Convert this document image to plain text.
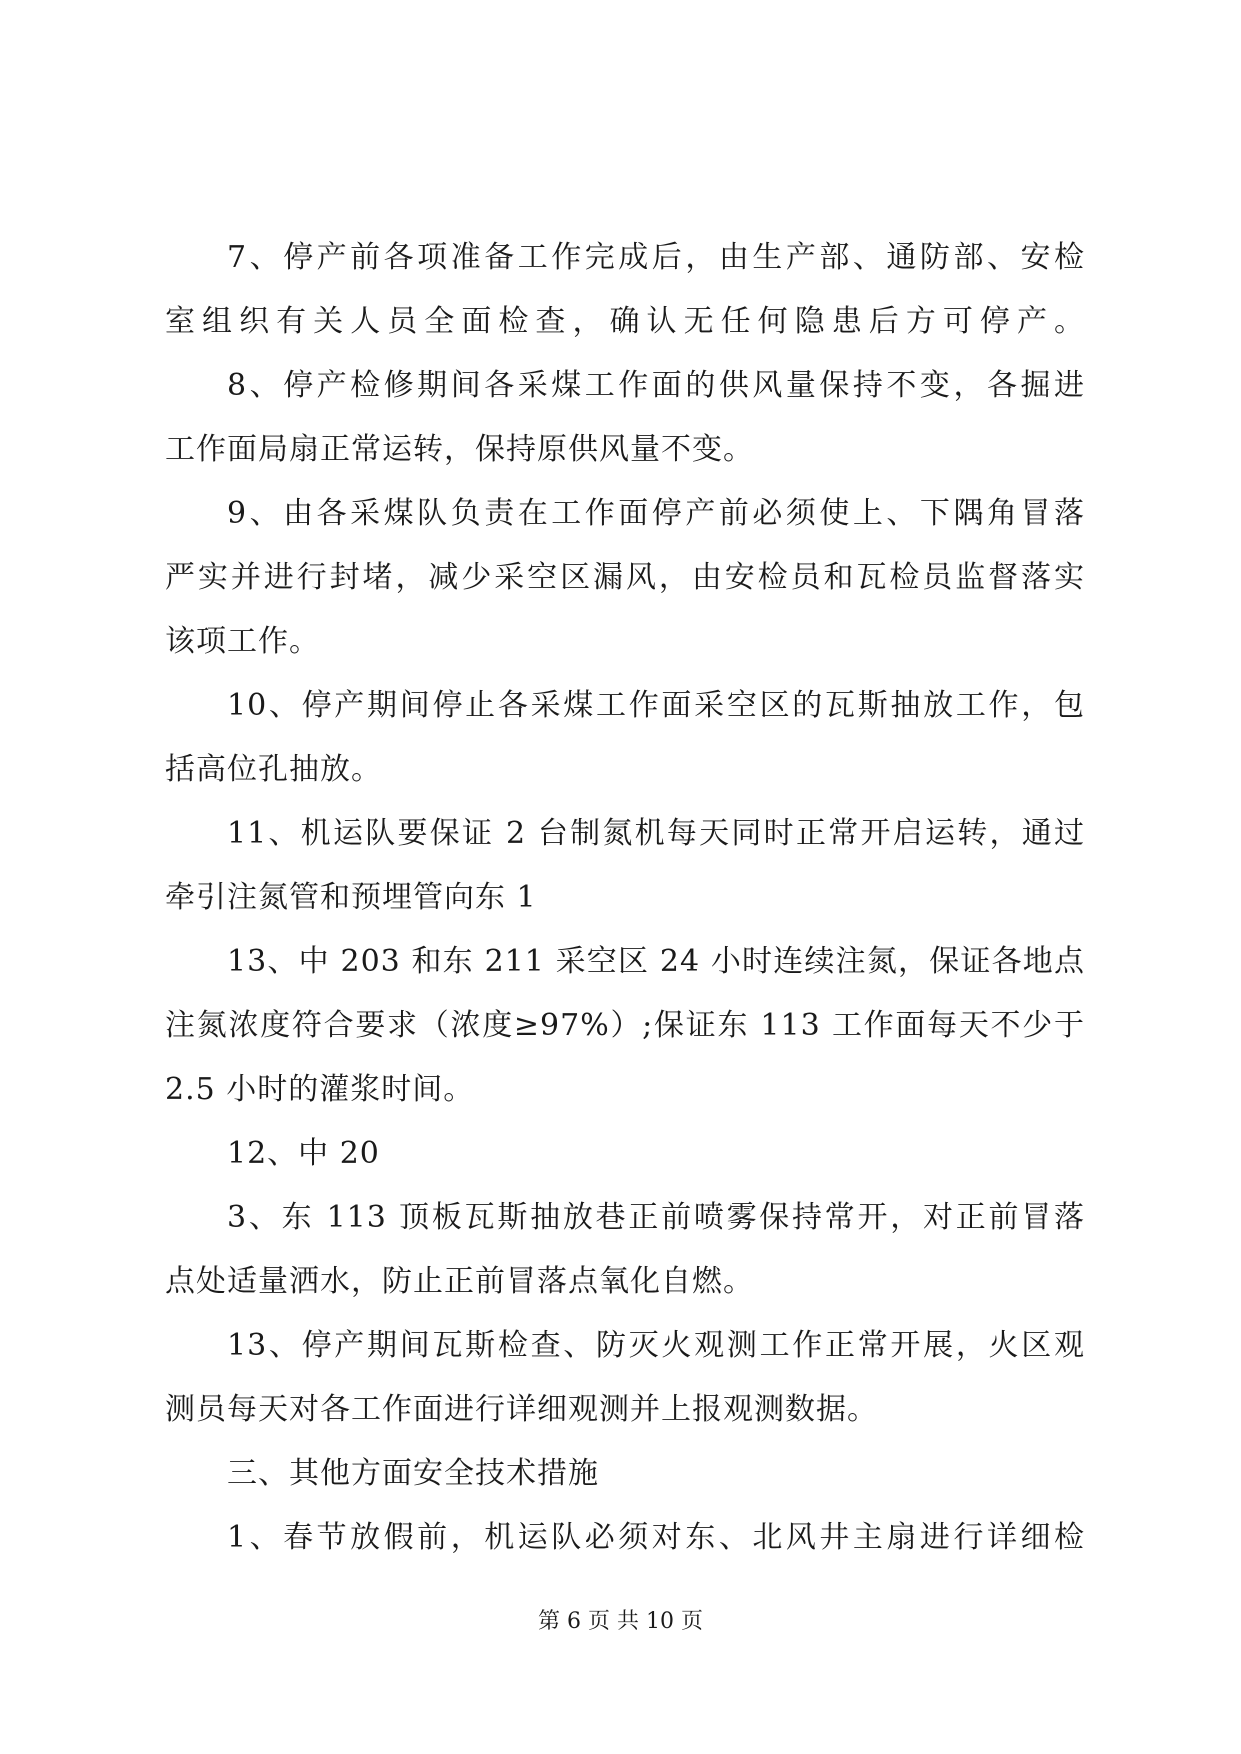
7、停产前各项准备工作完成后，由生产部、通防部、安检
室组织有关人员全面检查，确认无任何隐患后方可停产。
8、停产检修期间各采煤工作面的供风量保持不变，各掘进
工作面局扇正常运转，保持原供风量不变。
9、由各采煤队负责在工作面停产前必须使上、下隅角冒落
严实并进行封堵，减少采空区漏风，由安检员和瓦检员监督落实
该项工作。
10、停产期间停止各采煤工作面采空区的瓦斯抽放工作，包
括高位孔抽放。
11、机运队要保证 2 台制氮机每天同时正常开启运转，通过
牵引注氮管和预埋管向东 1
13、中 203 和东 211 采空区 24 小时连续注氮，保证各地点
注氮浓度符合要求（浓度≥97%）;保证东 113 工作面每天不少于
2.5 小时的灌浆时间。
12、中 20
3、东 113 顶板瓦斯抽放巷正前喷雾保持常开，对正前冒落
点处适量洒水，防止正前冒落点氧化自燃。
13、停产期间瓦斯检查、防灭火观测工作正常开展，火区观
测员每天对各工作面进行详细观测并上报观测数据。
三、其他方面安全技术措施
1、春节放假前，机运队必须对东、北风井主扇进行详细检
第 6 页 共 10 页
